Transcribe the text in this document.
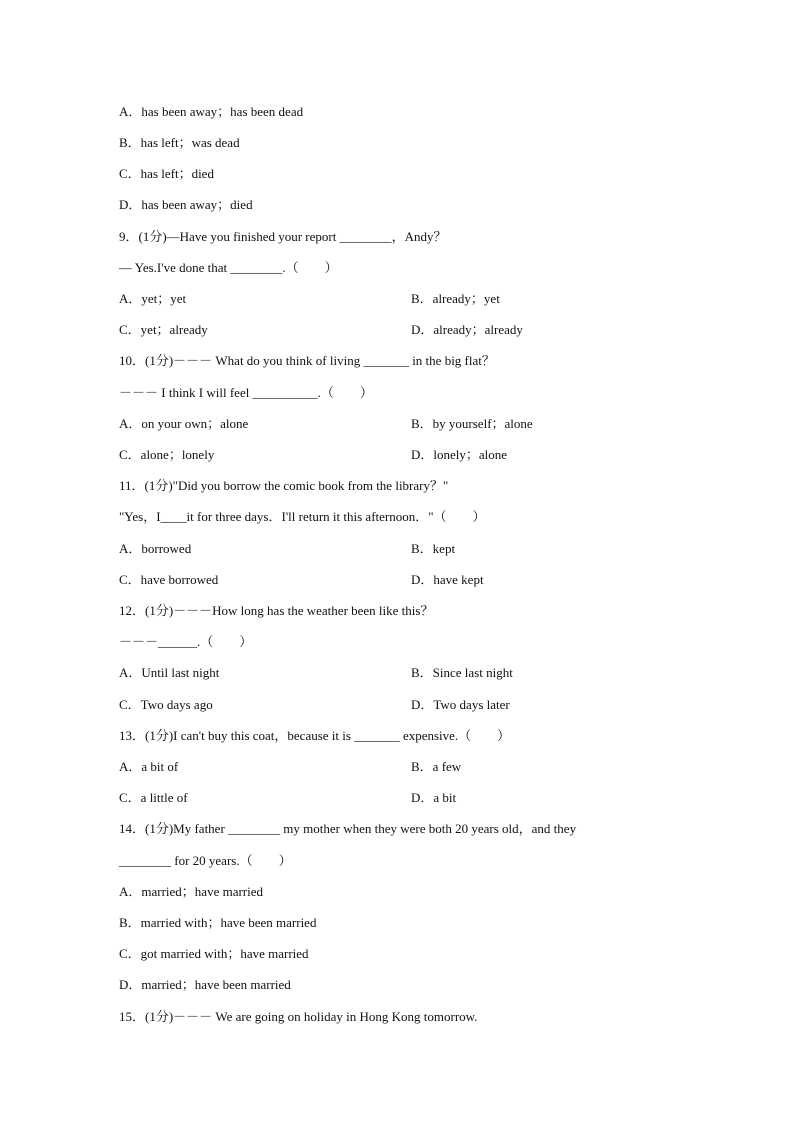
A．has been away；has been dead
B．has left；was dead
C．has left；died
D．has been away；died
9．(1分)—Have you finished your report ________，Andy？
— Yes.I've done that ________.（　　）
A．yet；yet	B．already；yet
C．yet；already	D．already；already
10．(1分)－－－ What do you think of living _______ in the big flat？
－－－ I think I will feel __________.（　　）
A．on your own；alone	B．by yourself；alone
C．alone；lonely	D．lonely；alone
11．(1分)"Did you borrow the comic book from the library？"
"Yes，I____it for three days．I'll return it this afternoon．"（　　）
A．borrowed	B．kept
C．have borrowed	D．have kept
12．(1分)－－－How long has the weather been like this？
－－－______.（　　）
A．Until last night	B．Since last night
C．Two days ago	D．Two days later
13．(1分)I can't buy this coat，because it is _______ expensive.（　　）
A．a bit of	B．a few
C．a little of	D．a bit
14．(1分)My father ________ my mother when they were both 20 years old，and they
________ for 20 years.（　　）
A．married；have married
B．married with；have been married
C．got married with；have married
D．married；have been married
15．(1分)－－－ We are going on holiday in Hong Kong tomorrow.
